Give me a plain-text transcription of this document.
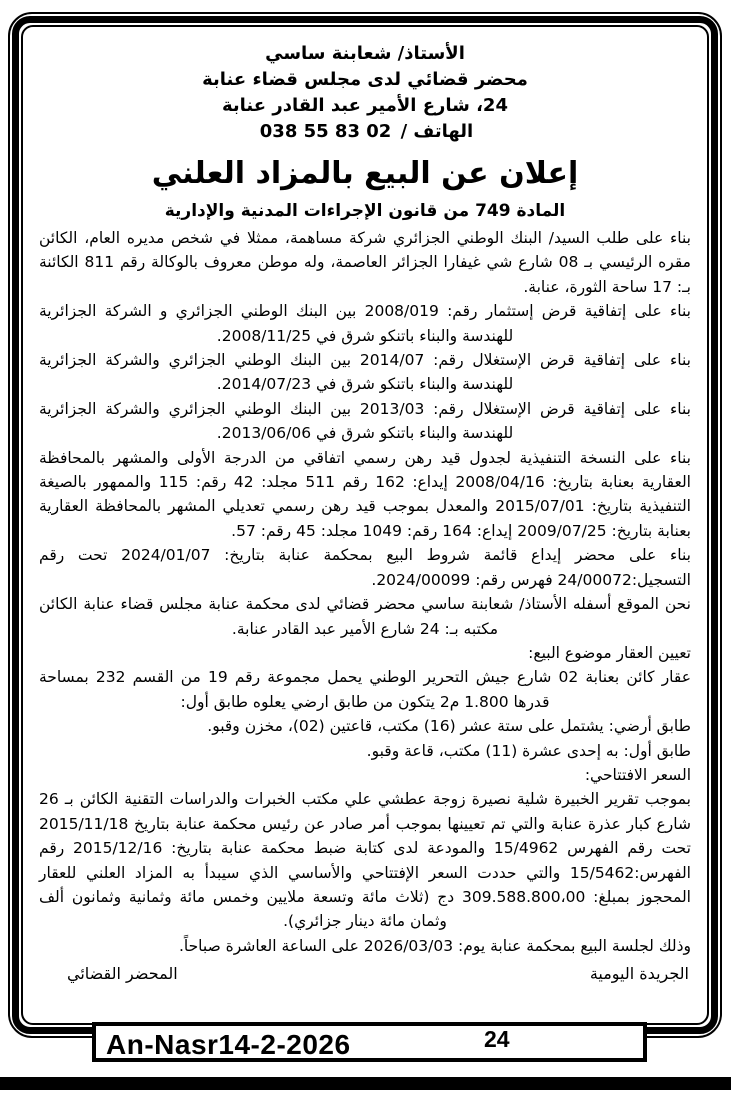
الأستاذ/ شعابنة ساسي
محضر قضائي لدى مجلس قضاء عنابة
24، شارع الأمير عبد القادر عنابة
الهاتف / 038 55 83 02
إعلان عن البيع بالمزاد العلني
المادة 749 من قانون الإجراءات المدنية والإدارية

بناء على طلب السيد/ البنك الوطني الجزائري شركة مساهمة، ممثلا في شخص مديره العام، الكائن مقره الرئيسي بـ 08 شارع شي غيفارا الجزائر العاصمة، وله موطن معروف بالوكالة رقم 811 الكائنة بـ: 17 ساحة الثورة، عنابة.

بناء على إتفاقية قرض إستثمار رقم: 2008/019 بين البنك الوطني الجزائري و الشركة الجزائرية للهندسة والبناء باتنكو شرق في 2008/11/25.

بناء على إتفاقية قرض الإستغلال رقم: 2014/07 بين البنك الوطني الجزائري والشركة الجزائرية للهندسة والبناء باتنكو شرق في 2014/07/23.

بناء على إتفاقية قرض الإستغلال رقم: 2013/03 بين البنك الوطني الجزائري والشركة الجزائرية للهندسة والبناء باتنكو شرق في 2013/06/06.

بناء على النسخة التنفيذية لجدول قيد رهن رسمي اتفاقي من الدرجة الأولى والمشهر بالمحافظة العقارية بعنابة بتاريخ: 2008/04/16 إيداع: 162 رقم 511 مجلد: 42 رقم: 115 والممهور بالصيغة التنفيذية بتاريخ: 2015/07/01 والمعدل بموجب قيد رهن رسمي تعديلي المشهر بالمحافظة العقارية بعنابة بتاريخ: 2009/07/25 إيداع: 164 رقم: 1049 مجلد: 45 رقم: 57.

بناء على محضر إيداع قائمة شروط البيع بمحكمة عنابة بتاريخ: 2024/01/07 تحت رقم التسجيل:24/00072 فهرس رقم: 2024/00099.

نحن الموقع أسفله الأستاذ/ شعابنة ساسي محضر قضائي لدى محكمة عنابة مجلس قضاء عنابة الكائن مكتبه بـ: 24 شارع الأمير عبد القادر عنابة.

تعيين العقار موضوع البيع:

عقار كائن بعنابة 02 شارع جيش التحرير الوطني يحمل مجموعة رقم 19 من القسم 232 بمساحة قدرها 1.800 م2 يتكون من طابق ارضي يعلوه طابق أول:

طابق أرضي: يشتمل على ستة عشر (16) مكتب، قاعتين (02)، مخزن وقبو.

طابق أول: به إحدى عشرة (11) مكتب، قاعة وقبو.

السعر الافتتاحي:

بموجب تقرير الخبيرة شلية نصيرة زوجة عطشي علي مكتب الخبرات والدراسات التقنية الكائن بـ 26 شارع كبار عذرة عنابة والتي تم تعيينها بموجب أمر صادر عن رئيس محكمة عنابة بتاريخ 2015/11/18 تحت رقم الفهرس 15/4962 والمودعة لدى كتابة ضبط محكمة عنابة بتاريخ: 2015/12/16 رقم الفهرس:15/5462 والتي حددت السعر الإفتتاحي والأساسي الذي سيبدأ به المزاد العلني للعقار المحجوز بمبلغ: 309.588.800،00 دج (ثلاث مائة وتسعة ملايين وخمس مائة وثمانية وثمانون ألف وثمان مائة دينار جزائري).

وذلك لجلسة البيع بمحكمة عنابة يوم: 2026/03/03 على الساعة العاشرة صباحاً.

الجريدة اليومية
المحضر القضائي
An-Nasr14-2-2026	24
